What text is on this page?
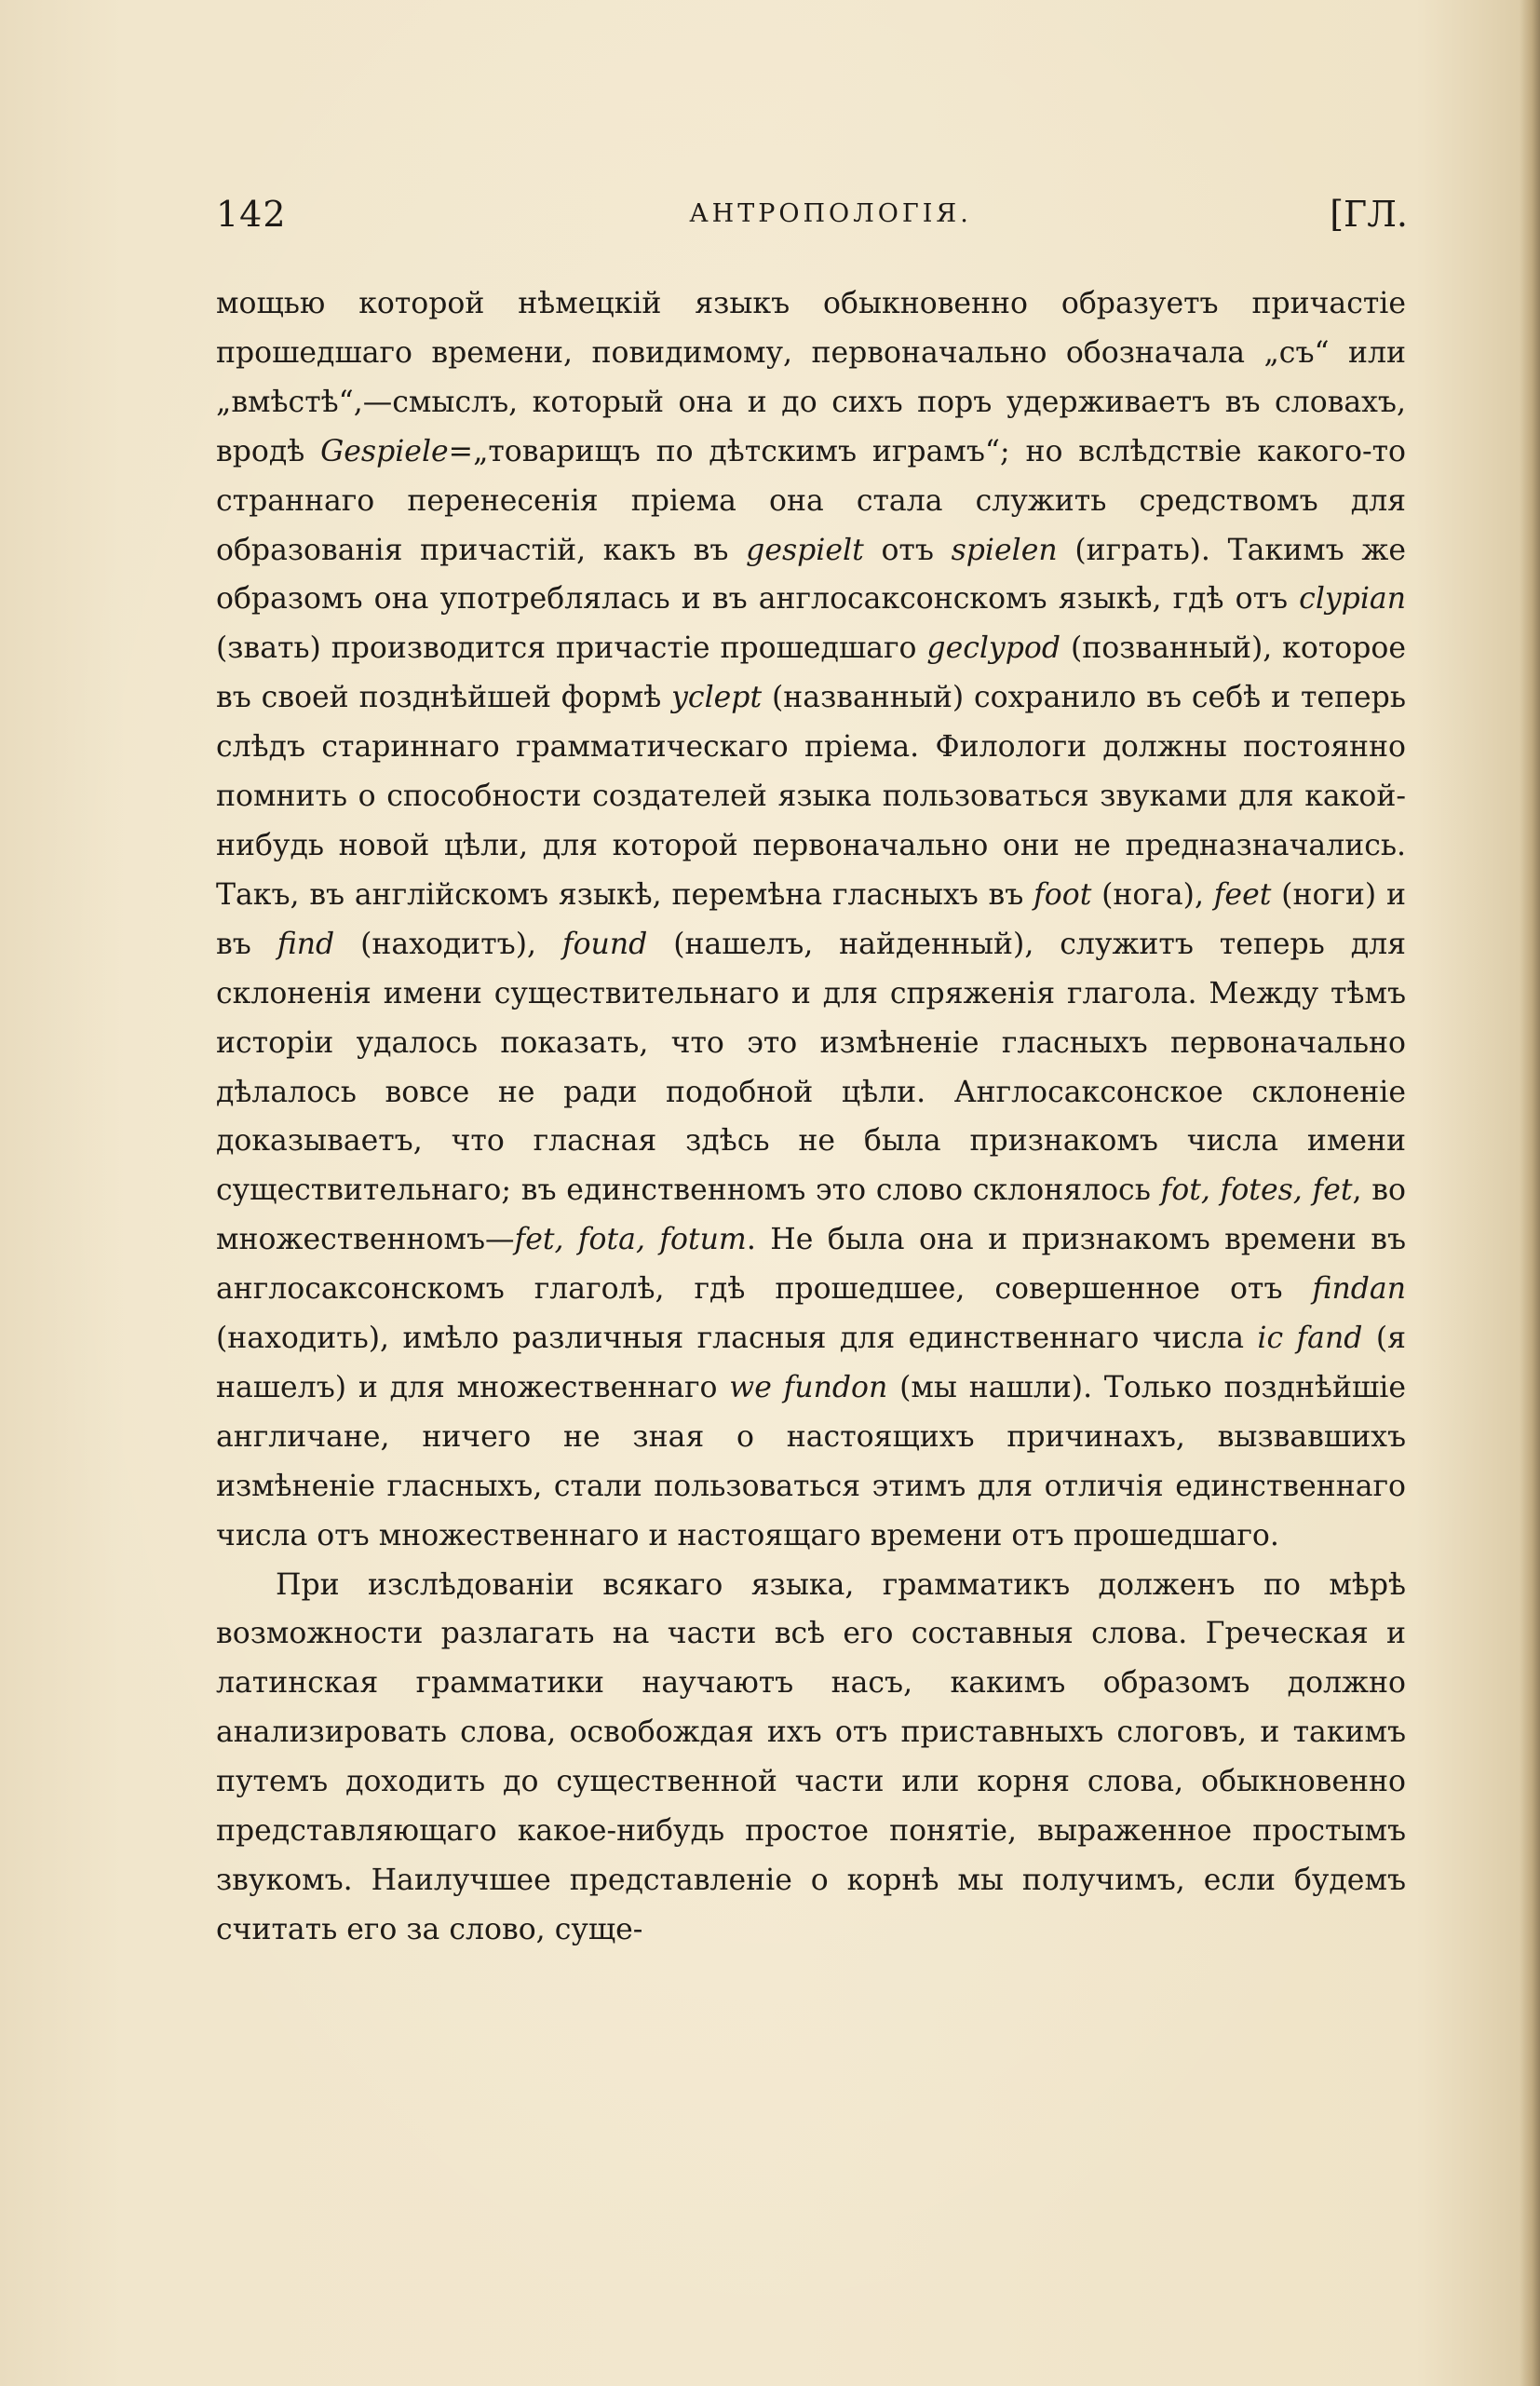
142	АНТРОПОЛОГІЯ.	[ГЛ.

мощью которой нѣмецкій языкъ обыкновенно образуетъ причастіе прошедшаго времени, повидимому, первоначально обозначала „съ“ или „вмѣстѣ“,—смыслъ, который она и до сихъ поръ удерживаетъ въ словахъ, вродѣ Gespiele=„товарищъ по дѣтскимъ играмъ“; но вслѣдствіе какого-то страннаго перенесенія пріема она стала служить средствомъ для образованія причастій, какъ въ gespielt отъ spielen (играть). Такимъ же образомъ она употреблялась и въ англосаксонскомъ языкѣ, гдѣ отъ clypian (звать) производится причастіе прошедшаго geclypod (позванный), которое въ своей позднѣйшей формѣ yclept (названный) сохранило въ себѣ и теперь слѣдъ стариннаго грамматическаго пріема. Филологи должны постоянно помнить о способности создателей языка пользоваться звуками для какой-нибудь новой цѣли, для которой первоначально они не предназначались. Такъ, въ англійскомъ языкѣ, перемѣна гласныхъ въ foot (нога), feet (ноги) и въ find (находитъ), found (нашелъ, найденный), служитъ теперь для склоненія имени существительнаго и для спряженія глагола. Между тѣмъ исторіи удалось показать, что это измѣненіе гласныхъ первоначально дѣлалось вовсе не ради подобной цѣли. Англосаксонское склоненіе доказываетъ, что гласная здѣсь не была признакомъ числа имени существительнаго; въ единственномъ это слово склонялось fot, fotes, fet, во множественномъ—fet, fota, fotum. Не была она и признакомъ времени въ англосаксонскомъ глаголѣ, гдѣ прошедшее, совершенное отъ findan (находить), имѣло различныя гласныя для единственнаго числа ic fand (я нашелъ) и для множественнаго we fundon (мы нашли). Только позднѣйшіе англичане, ничего не зная о настоящихъ причинахъ, вызвавшихъ измѣненіе гласныхъ, стали пользоваться этимъ для отличія единственнаго числа отъ множественнаго и настоящаго времени отъ прошедшаго.

При изслѣдованіи всякаго языка, грамматикъ долженъ по мѣрѣ возможности разлагать на части всѣ его составныя слова. Греческая и латинская грамматики научаютъ насъ, какимъ образомъ должно анализировать слова, освобождая ихъ отъ приставныхъ слоговъ, и такимъ путемъ доходить до существенной части или корня слова, обыкновенно представляющаго какое-нибудь простое понятіе, выраженное простымъ звукомъ. Наилучшее представленіе о корнѣ мы получимъ, если будемъ считать его за слово, суще-
